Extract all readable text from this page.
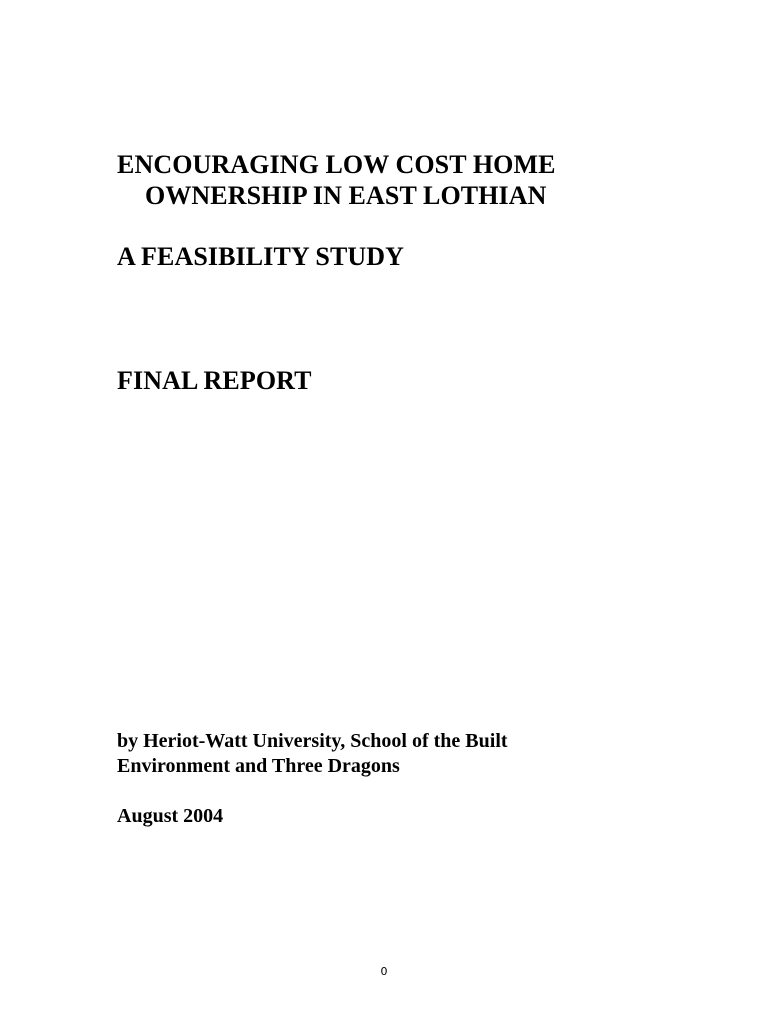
ENCOURAGING LOW COST HOME
OWNERSHIP IN EAST LOTHIAN
A FEASIBILITY STUDY
FINAL REPORT
by Heriot-Watt University, School of the Built
Environment and Three Dragons
August 2004
0
